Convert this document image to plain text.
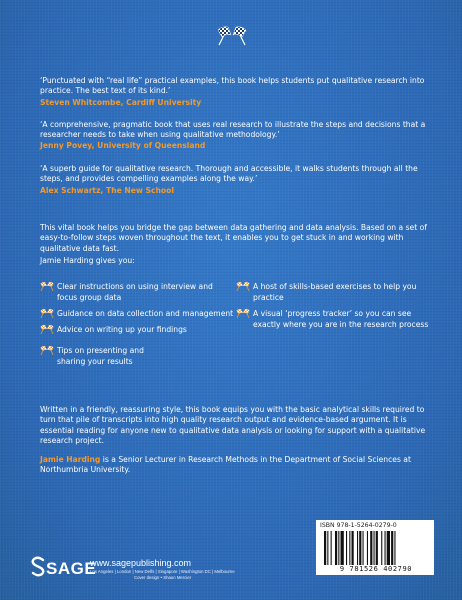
‘Punctuated with “real life” practical examples, this book helps students put qualitative research into practice. The best text of its kind.’
Steven Whitcombe, Cardiff University
‘A comprehensive, pragmatic book that uses real research to illustrate the steps and decisions that a researcher needs to take when using qualitative methodology.’
Jenny Povey, University of Queensland
‘A superb guide for qualitative research. Thorough and accessible, it walks students through all the steps, and provides compelling examples along the way.’
Alex Schwartz, The New School
This vital book helps you bridge the gap between data gathering and data analysis. Based on a set of easy-to-follow steps woven throughout the text, it enables you to get stuck in and working with qualitative data fast.
Jamie Harding gives you:
Clear instructions on using interview and focus group data
Guidance on data collection and management
Advice on writing up your findings
Tips on presenting and sharing your results
A host of skills-based exercises to help you practice
A visual ‘progress tracker’ so you can see exactly where you are in the research process
Written in a friendly, reassuring style, this book equips you with the basic analytical skills required to turn that pile of transcripts into high quality research output and evidence-based argument. It is essential reading for anyone new to qualitative data analysis or looking for support with a qualitative research project.
Jamie Harding is a Senior Lecturer in Research Methods in the Department of Social Sciences at Northumbria University.
SAGE
www.sagepublishing.com
Los Angeles | London | New Delhi | Singapore | Washington DC | Melbourne
Cover design • Shaun Mercier
ISBN 978-1-5264-0279-0
9 781526 402790
